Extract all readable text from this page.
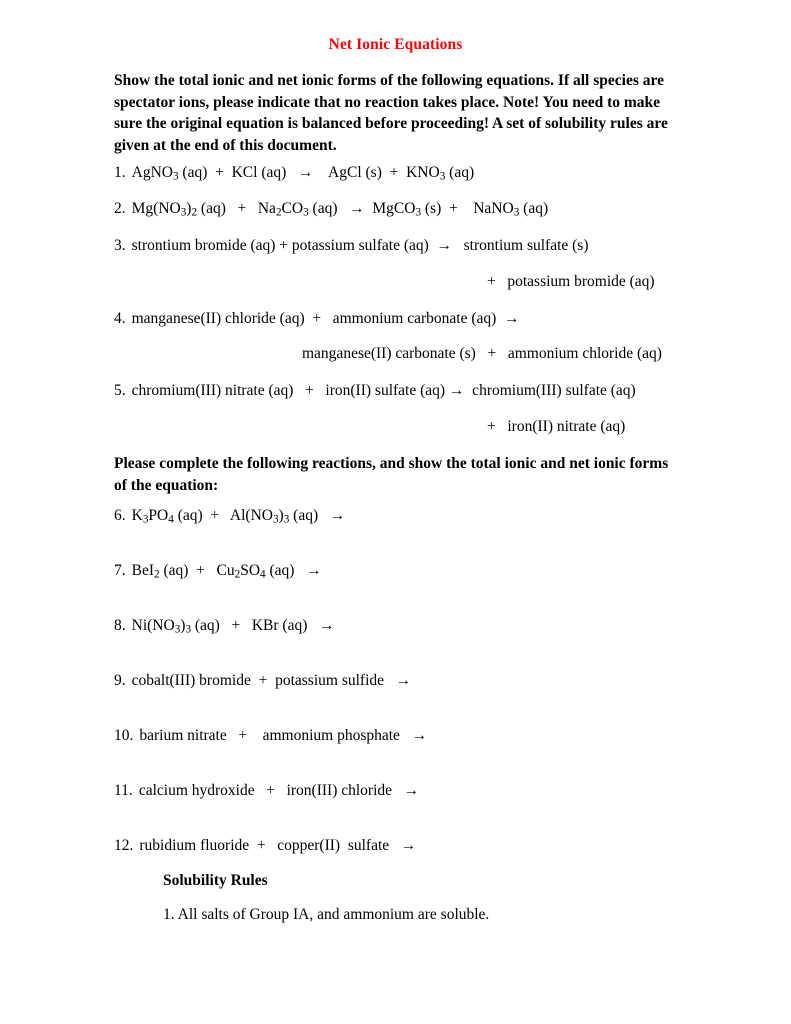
Net Ionic Equations
Show the total ionic and net ionic forms of the following equations. If all species are spectator ions, please indicate that no reaction takes place. Note! You need to make sure the original equation is balanced before proceeding! A set of solubility rules are given at the end of this document.
1. AgNO$_3$ (aq)  +  KCl (aq)   →    AgCl $(s) + KNO_3$ (aq)
2. $Mg(NO_3)_2$ $(aq) + Na_2CO_3$ (aq)   →  MgCO$_3$ (s)  +    NaNO$_3$ (aq)
3. strontium bromide (aq) + potassium sulfate (aq)  →   strontium sulfate (s)
+   potassium bromide (aq)
4. manganese(II) chloride (aq)  +   ammonium carbonate (aq)  →
manganese(II) carbonate (s)   +   ammonium chloride (aq)
5. chromium(III) nitrate (aq)   +   iron(II) sulfate (aq) →  chromium(III) sulfate (aq)
+   iron(II) nitrate (aq)
Please complete the following reactions, and show the total ionic and net ionic forms of the equation:
6. $K_3PO_4$ $(aq) + Al(NO_3)_3$ (aq)   →
7. BeI$_2$ $(aq) + Cu_2SO_4$ (aq)   →
8. $Ni(NO_3)_3$ (aq)   +   KBr (aq)   →
9. cobalt(III) bromide  +  potassium sulfide   →
10. barium nitrate   +    ammonium phosphate   →
11. calcium hydroxide   +   iron(III) chloride   →
12. rubidium fluoride  +   copper(II)  sulfate   →
Solubility Rules
1. All salts of Group IA, and ammonium are soluble.
